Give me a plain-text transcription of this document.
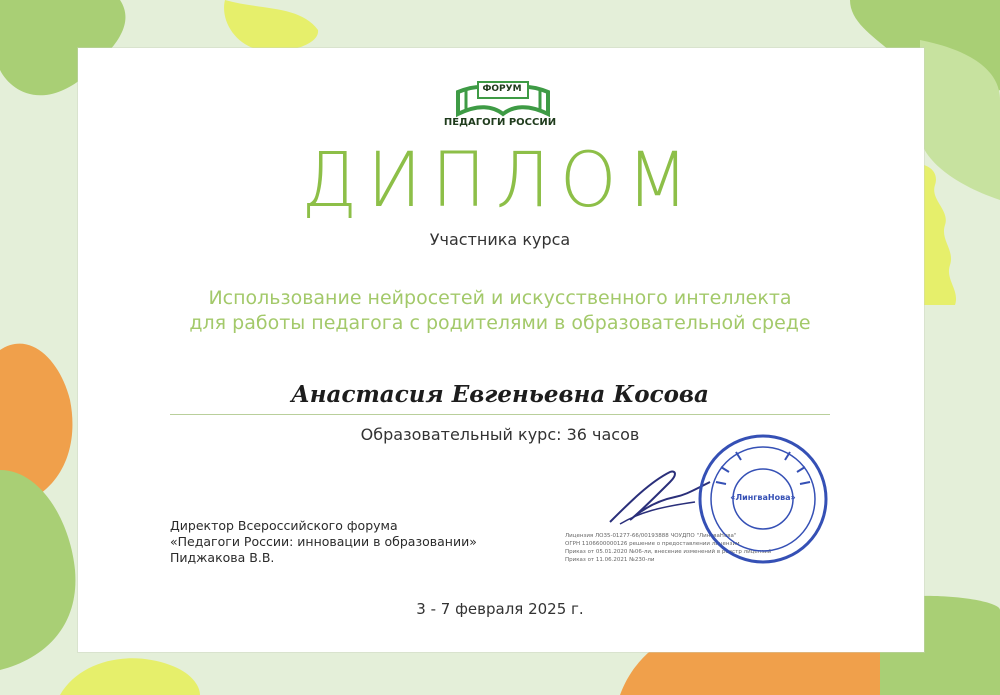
ФОРУМ
ПЕДАГОГИ РОССИИ
ДИПЛОМ
Участника курса
Использование нейросетей и искусственного интеллекта
для работы педагога с родителями в образовательной среде
Анастасия Евгеньевна Косова
Образовательный курс: 36 часов
Директор Всероссийского форума
«Педагоги России: инновации в образовании»
Пиджакова В.В.
Лицензия ЛО35-01277-66/00193888 ЧОУДПО "ЛингваНова"
ОГРН 1106600000126 решение о предоставлении лицензии
Приказ от 05.01.2020 №06-ли, внесение изменений в реестр лицензий
Приказ от 11.06.2021 №230-ли
«ЛингваНова»
3 - 7 февраля 2025 г.
